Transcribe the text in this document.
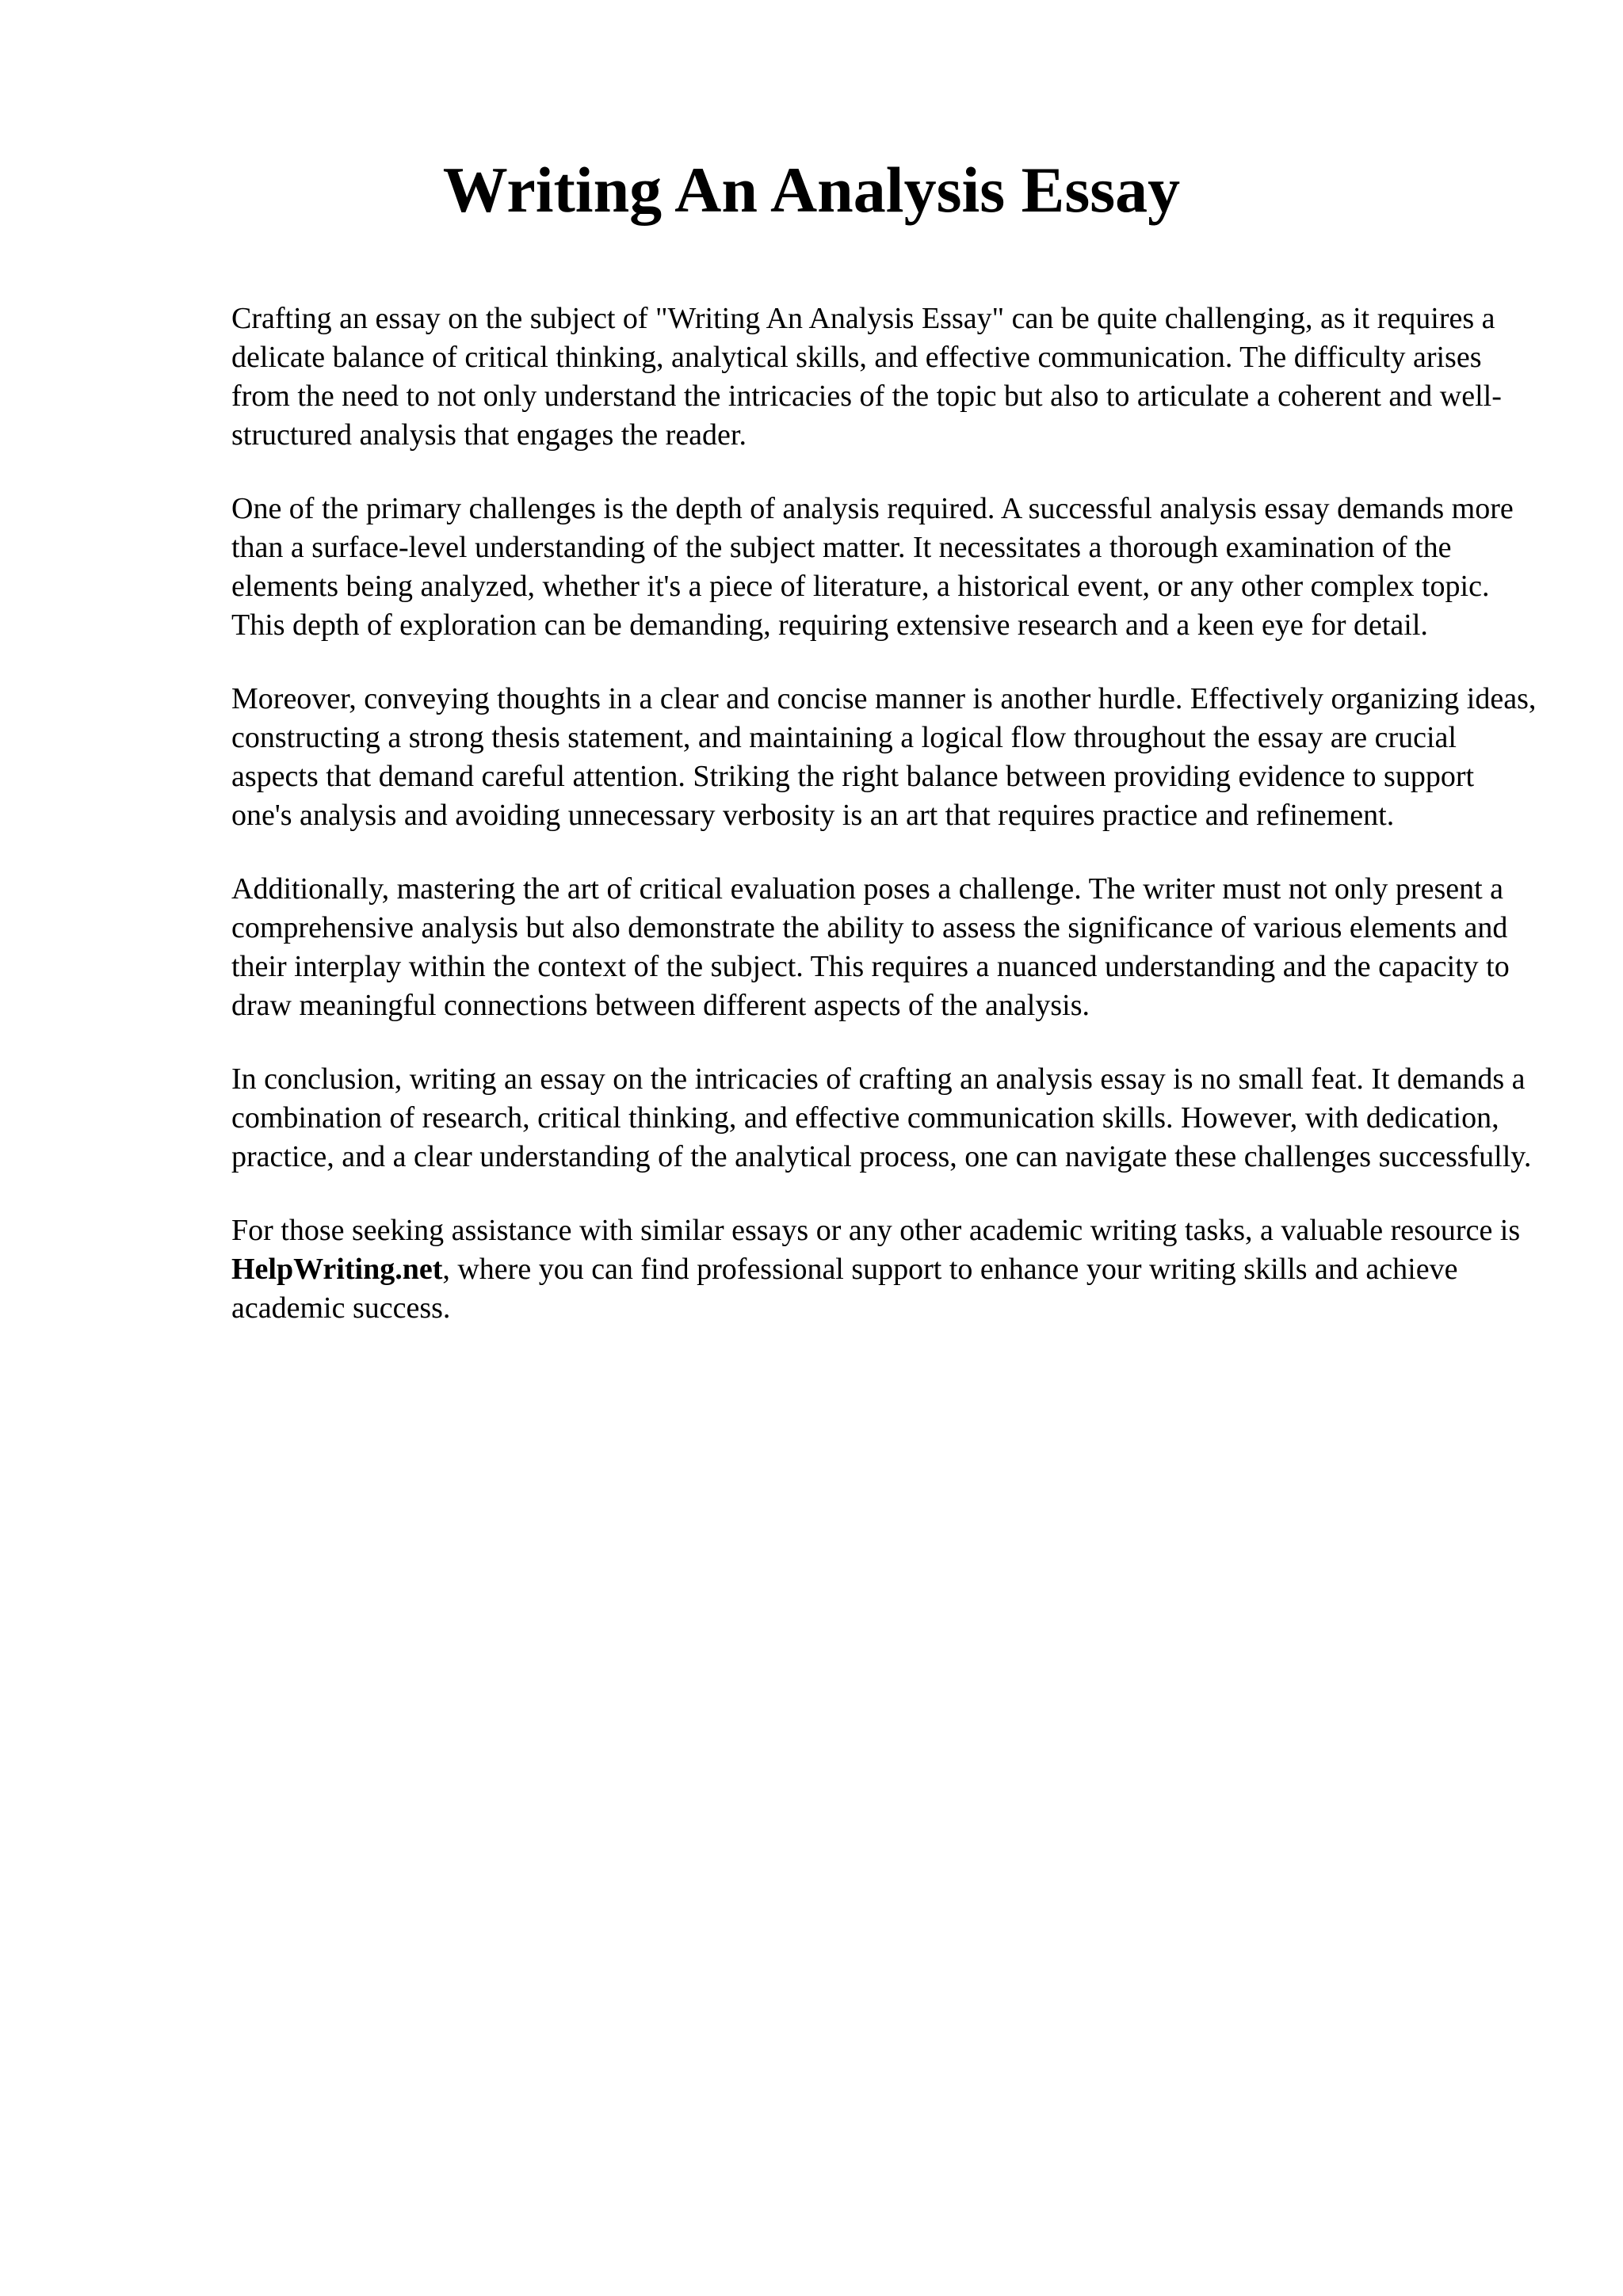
Writing An Analysis Essay

Crafting an essay on the subject of "Writing An Analysis Essay" can be quite challenging, as it requires a delicate balance of critical thinking, analytical skills, and effective communication. The difficulty arises from the need to not only understand the intricacies of the topic but also to articulate a coherent and well-structured analysis that engages the reader.

One of the primary challenges is the depth of analysis required. A successful analysis essay demands more than a surface-level understanding of the subject matter. It necessitates a thorough examination of the elements being analyzed, whether it's a piece of literature, a historical event, or any other complex topic. This depth of exploration can be demanding, requiring extensive research and a keen eye for detail.

Moreover, conveying thoughts in a clear and concise manner is another hurdle. Effectively organizing ideas, constructing a strong thesis statement, and maintaining a logical flow throughout the essay are crucial aspects that demand careful attention. Striking the right balance between providing evidence to support one's analysis and avoiding unnecessary verbosity is an art that requires practice and refinement.

Additionally, mastering the art of critical evaluation poses a challenge. The writer must not only present a comprehensive analysis but also demonstrate the ability to assess the significance of various elements and their interplay within the context of the subject. This requires a nuanced understanding and the capacity to draw meaningful connections between different aspects of the analysis.

In conclusion, writing an essay on the intricacies of crafting an analysis essay is no small feat. It demands a combination of research, critical thinking, and effective communication skills. However, with dedication, practice, and a clear understanding of the analytical process, one can navigate these challenges successfully.

For those seeking assistance with similar essays or any other academic writing tasks, a valuable resource is HelpWriting.net, where you can find professional support to enhance your writing skills and achieve academic success.
